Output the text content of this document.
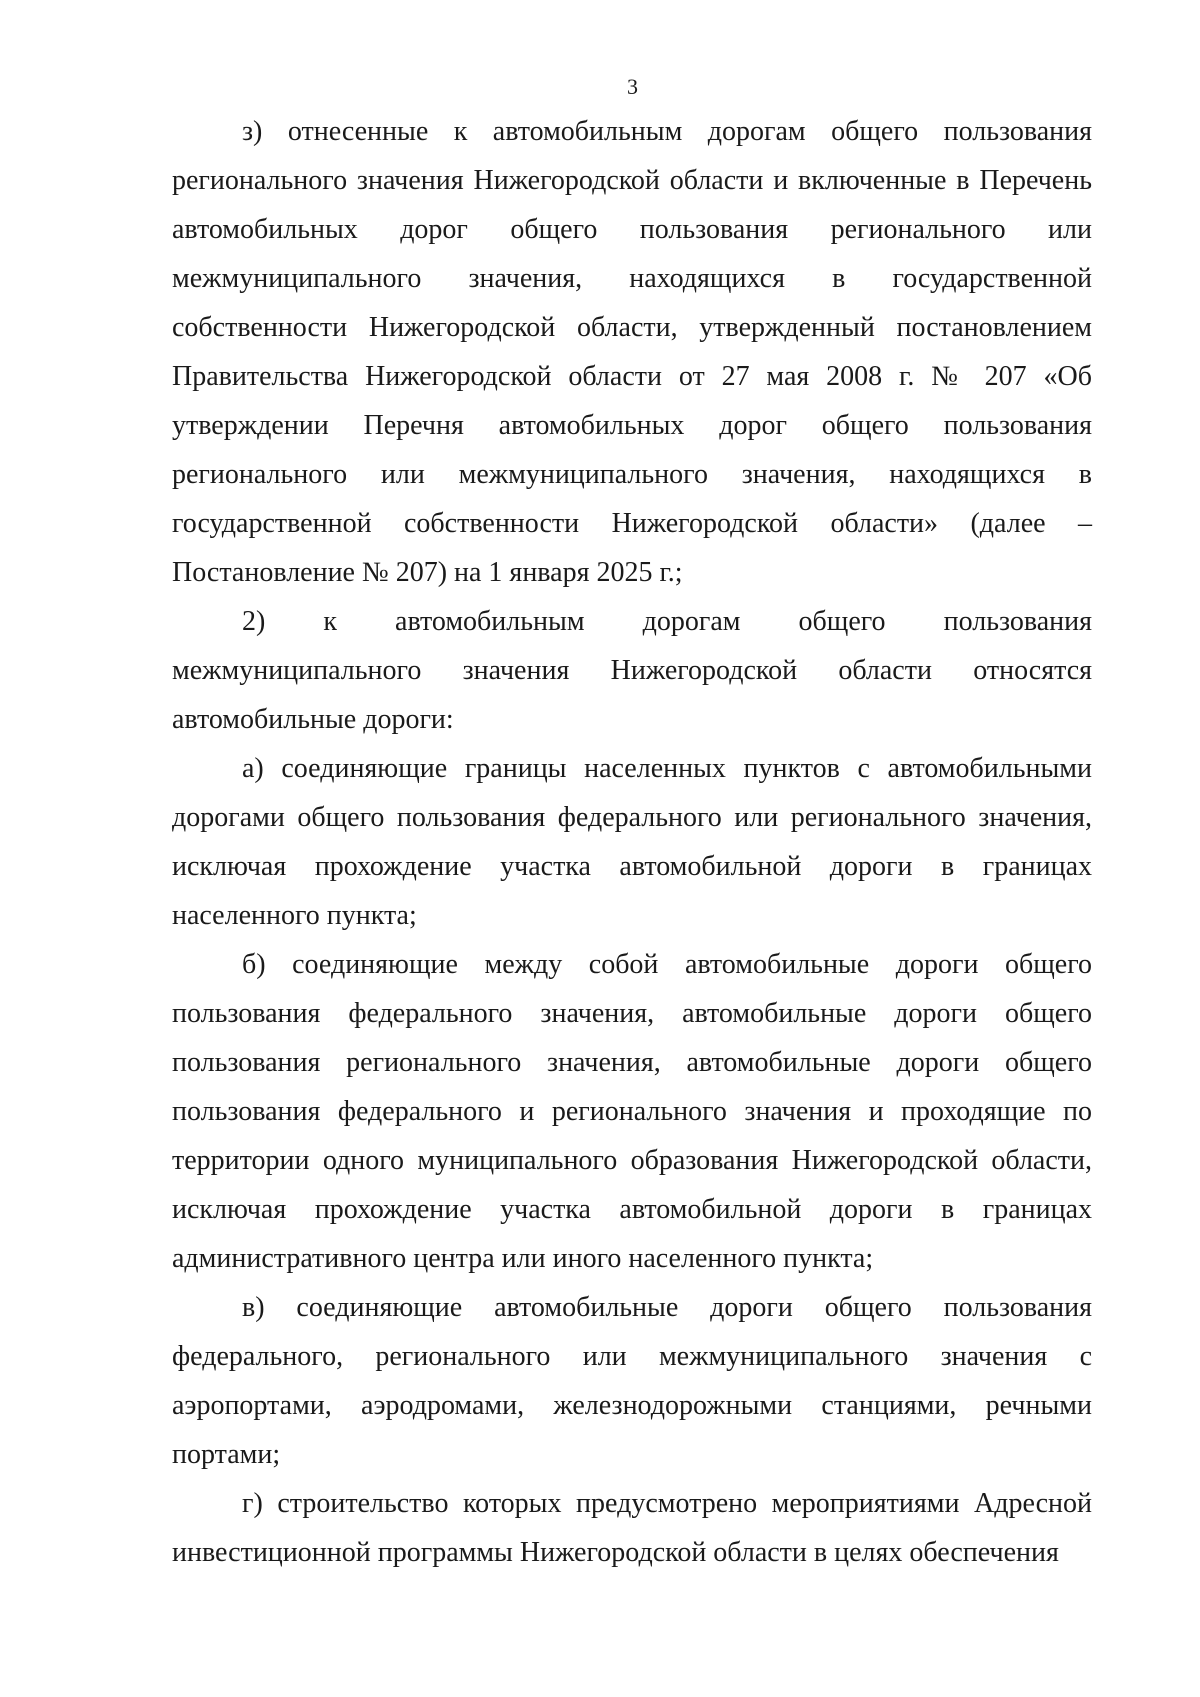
3

з) отнесенные к автомобильным дорогам общего пользования регионального значения Нижегородской области и включенные в Перечень автомобильных дорог общего пользования регионального или межмуниципального значения, находящихся в государственной собственности Нижегородской области, утвержденный постановлением Правительства Нижегородской области от 27 мая 2008 г. № 207 «Об утверждении Перечня автомобильных дорог общего пользования регионального или межмуниципального значения, находящихся в государственной собственности Нижегородской области» (далее – Постановление № 207) на 1 января 2025 г.;

2) к автомобильным дорогам общего пользования межмуниципального значения Нижегородской области относятся автомобильные дороги:

а) соединяющие границы населенных пунктов с автомобильными дорогами общего пользования федерального или регионального значения, исключая прохождение участка автомобильной дороги в границах населенного пункта;

б) соединяющие между собой автомобильные дороги общего пользования федерального значения, автомобильные дороги общего пользования регионального значения, автомобильные дороги общего пользования федерального и регионального значения и проходящие по территории одного муниципального образования Нижегородской области, исключая прохождение участка автомобильной дороги в границах административного центра или иного населенного пункта;

в) соединяющие автомобильные дороги общего пользования федерального, регионального или межмуниципального значения с аэропортами, аэродромами, железнодорожными станциями, речными портами;

г) строительство которых предусмотрено мероприятиями Адресной инвестиционной программы Нижегородской области в целях обеспечения
